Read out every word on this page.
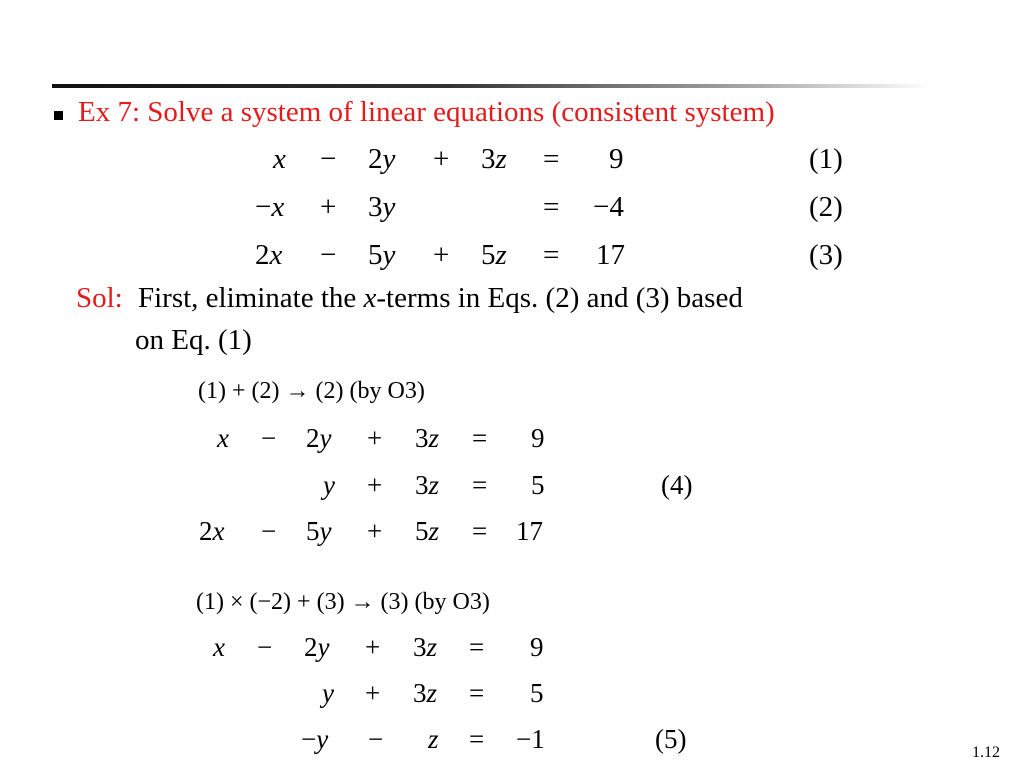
Ex 7: Solve a system of linear equations (consistent system)
x − 2y + 3z = 9	(1)
−x + 3y	= −4	(2)
2x − 5y + 5z = 17	(3)
Sol: First, eliminate the x-terms in Eqs. (2) and (3) based
on Eq. (1)
(1) + (2) → (2) (by O3)
x − 2y + 3z = 9
y + 3z = 5	(4)
2x − 5y + 5z = 17
(1) × (−2) + (3) → (3) (by O3)
x − 2y + 3z = 9
y + 3z = 5
−y − z = −1	(5)	1.12
